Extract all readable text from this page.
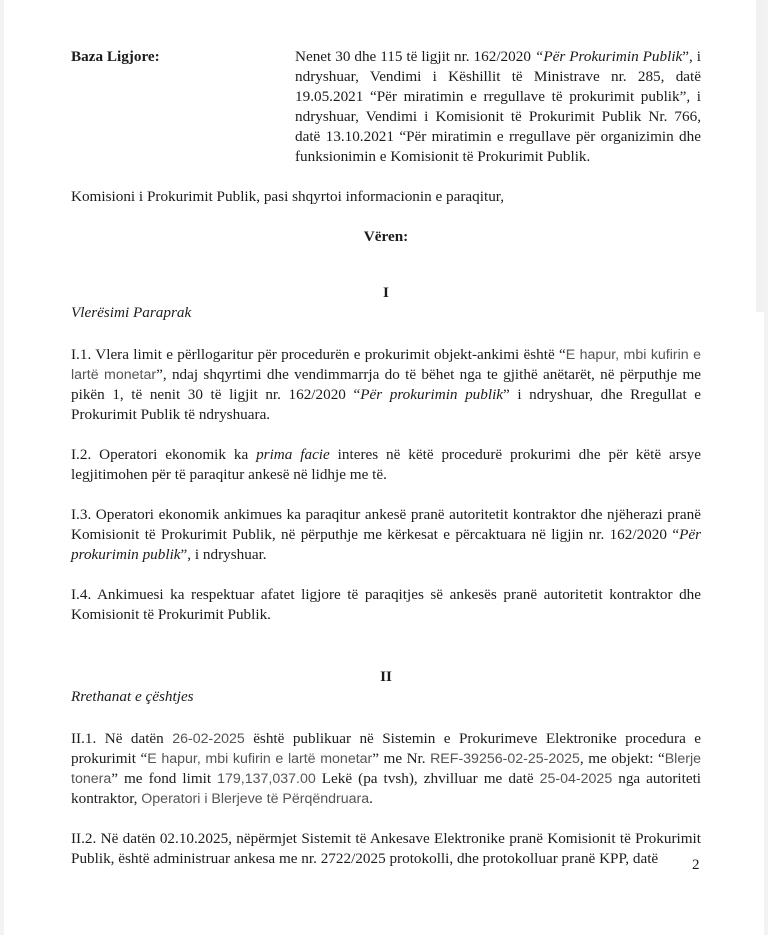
Baza Ligjore:	Nenet 30 dhe 115 të ligjit nr. 162/2020 “Për Prokurimin Publik”, i ndryshuar, Vendimi i Këshillit të Ministrave nr. 285, datë 19.05.2021 “Për miratimin e rregullave të prokurimit publik”, i ndryshuar, Vendimi i Komisionit të Prokurimit Publik Nr. 766, datë 13.10.2021 “Për miratimin e rregullave për organizimin dhe funksionimin e Komisionit të Prokurimit Publik.

Komisioni i Prokurimit Publik, pasi shqyrtoi informacionin e paraqitur,

Vëren:
I
Vlerësimi Paraprak

I.1. Vlera limit e përllogaritur për procedurën e prokurimit objekt-ankimi është “E hapur, mbi kufirin e lartë monetar”, ndaj shqyrtimi dhe vendimmarrja do të bëhet nga te gjithë anëtarët, në përputhje me pikën 1, të nenit 30 të ligjit nr. 162/2020 “Për prokurimin publik” i ndryshuar, dhe Rregullat e Prokurimit Publik të ndryshuara.

I.2. Operatori ekonomik ka prima facie interes në këtë procedurë prokurimi dhe për këtë arsye legjitimohen për të paraqitur ankesë në lidhje me të.

I.3. Operatori ekonomik ankimues ka paraqitur ankesë pranë autoritetit kontraktor dhe njëherazi pranë Komisionit të Prokurimit Publik, në përputhje me kërkesat e përcaktuara në ligjin nr. 162/2020 “Për prokurimin publik”, i ndryshuar.

I.4. Ankimuesi ka respektuar afatet ligjore të paraqitjes së ankesës pranë autoritetit kontraktor dhe Komisionit të Prokurimit Publik.

II
Rrethanat e çështjes

II.1. Në datën 26-02-2025 është publikuar në Sistemin e Prokurimeve Elektronike procedura e prokurimit “E hapur, mbi kufirin e lartë monetar” me Nr. REF-39256-02-25-2025, me objekt: “Blerje tonera” me fond limit 179,137,037.00 Lekë (pa tvsh), zhvilluar me datë 25-04-2025 nga autoriteti kontraktor, Operatori i Blerjeve të Përqëndruara.

II.2. Në datën 02.10.2025, nëpërmjet Sistemit të Ankesave Elektronike pranë Komisionit të Prokurimit Publik, është administruar ankesa me nr. 2722/2025 protokolli, dhe protokolluar pranë KPP, datë	2
